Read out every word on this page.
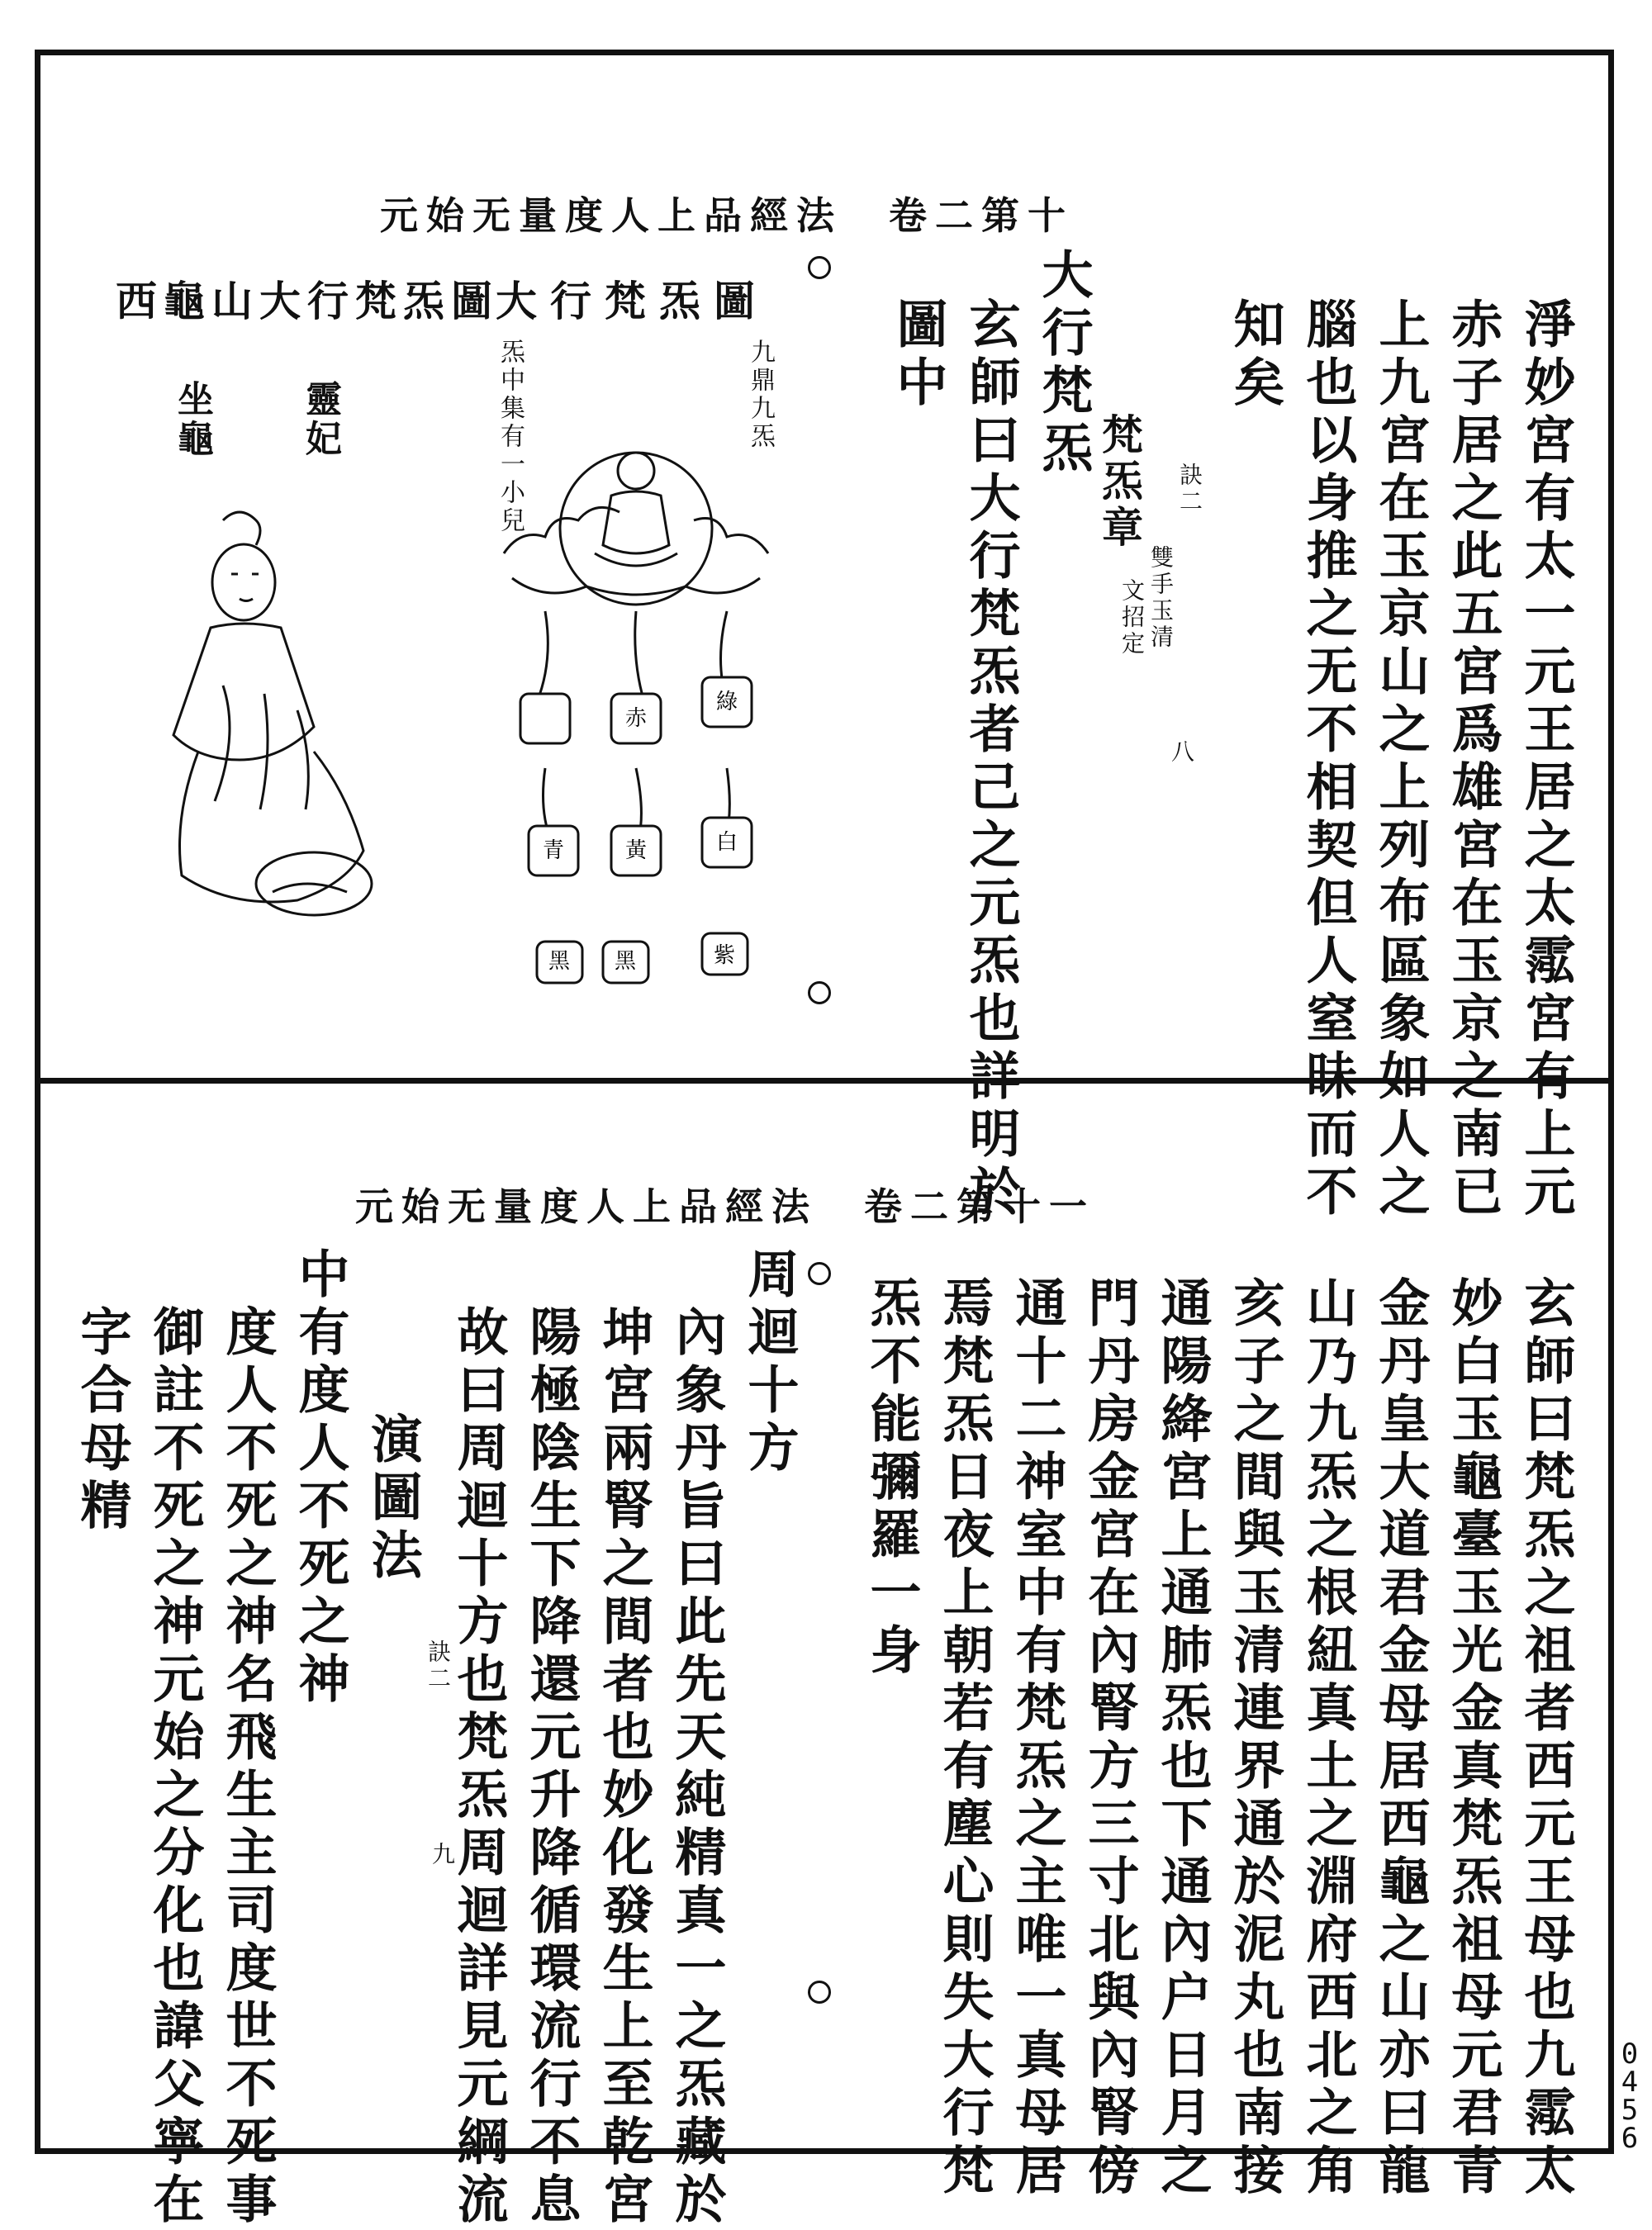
元始无量度人上品經法　卷二第十
淨妙宮有太一元王居之太霐宮有上元
赤子居之此五宮爲雄宮在玉京之南已
上九宮在玉京山之上列布區象如人之
腦也以身推之无不相契但人窒昧而不
知矣
梵炁章 訣二
雙手玉清
文招定
八
大行梵炁
玄師曰大行梵炁者己之元炁也詳明於
圖中
大行梵炁圖
九鼎九炁
炁中集有一小兒
綠
赤
白
黃
青
黑	紫
黑
西龜山大行梵炁圖
靈妃
坐龜
元始无量度人上品經法　卷二第十一
玄師曰梵炁之祖者西元王母也九霐太
妙白玉龜臺玉光金真梵炁祖母元君青
金丹皇大道君金母居西龜之山亦曰龍
山乃九炁之根紐真土之淵府西北之角
亥子之間與玉清連界通於泥丸也南接
通陽絳宮上通肺炁也下通內户日月之
門丹房金宮在內腎方三寸北與內腎傍
通十二神室中有梵炁之主唯一真母居
焉梵炁日夜上朝若有塵心則失大行梵
炁不能彌羅一身
周迴十方
內象丹旨曰此先天純精真一之炁藏於
坤宮兩腎之間者也妙化發生上至乾宮
陽極陰生下降還元升降循環流行不息
故曰周迴十方也梵炁周迴詳見元綱流
訣二
九
演圖法
中有度人不死之神
度人不死之神名飛生主司度世不死事
御註不死之神元始之分化也諱父寧在
字合母精
0
4
5
6
